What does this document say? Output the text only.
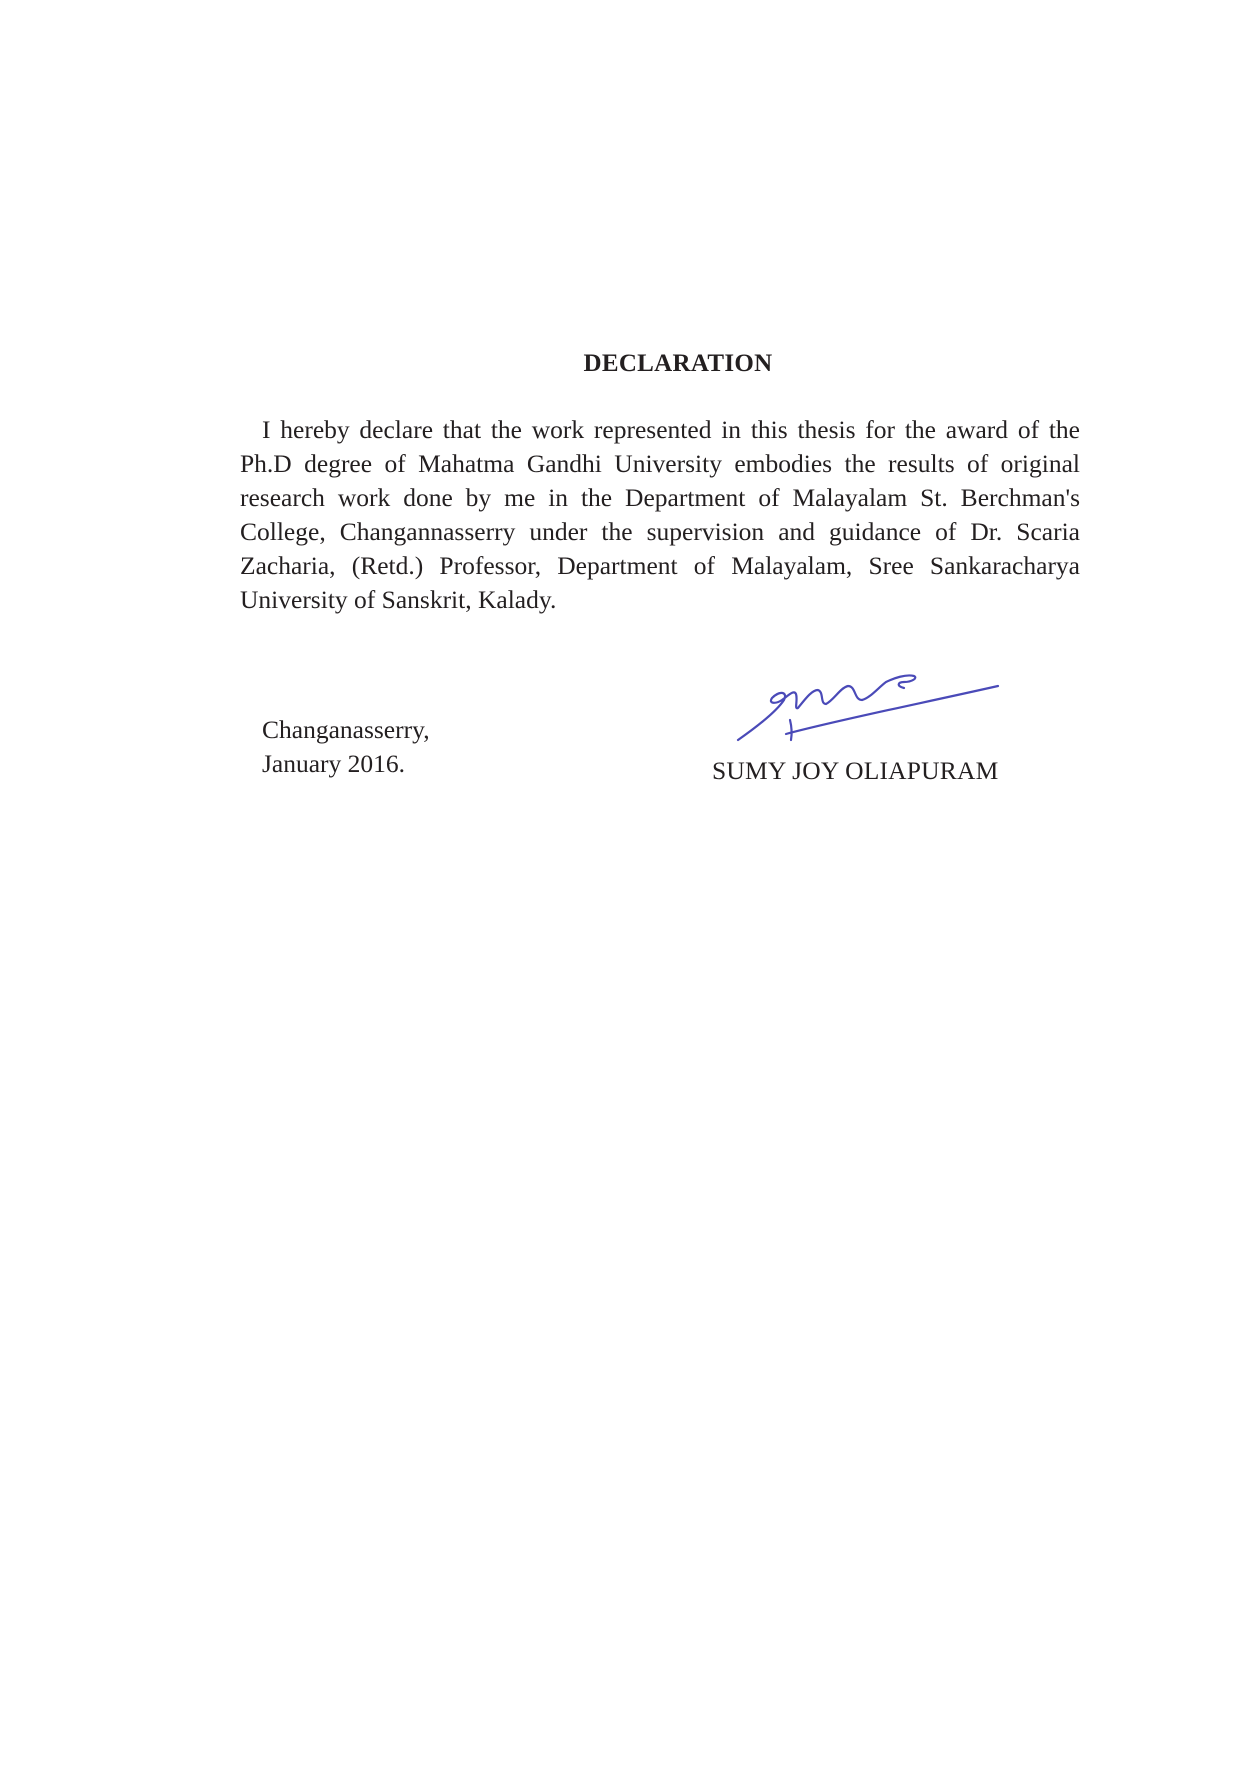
DECLARATION

I hereby declare that the work represented in this thesis for the award of the Ph.D degree of Mahatma Gandhi University embodies the results of original research work done by me in the Department of Malayalam St. Berchman's College, Changannasserry under the supervision and guidance of Dr. Scaria Zacharia, (Retd.) Professor, Department of Malayalam, Sree Sankaracharya University of Sanskrit, Kalady.

Changanasserry,
January 2016.	SUMY JOY OLIAPURAM
